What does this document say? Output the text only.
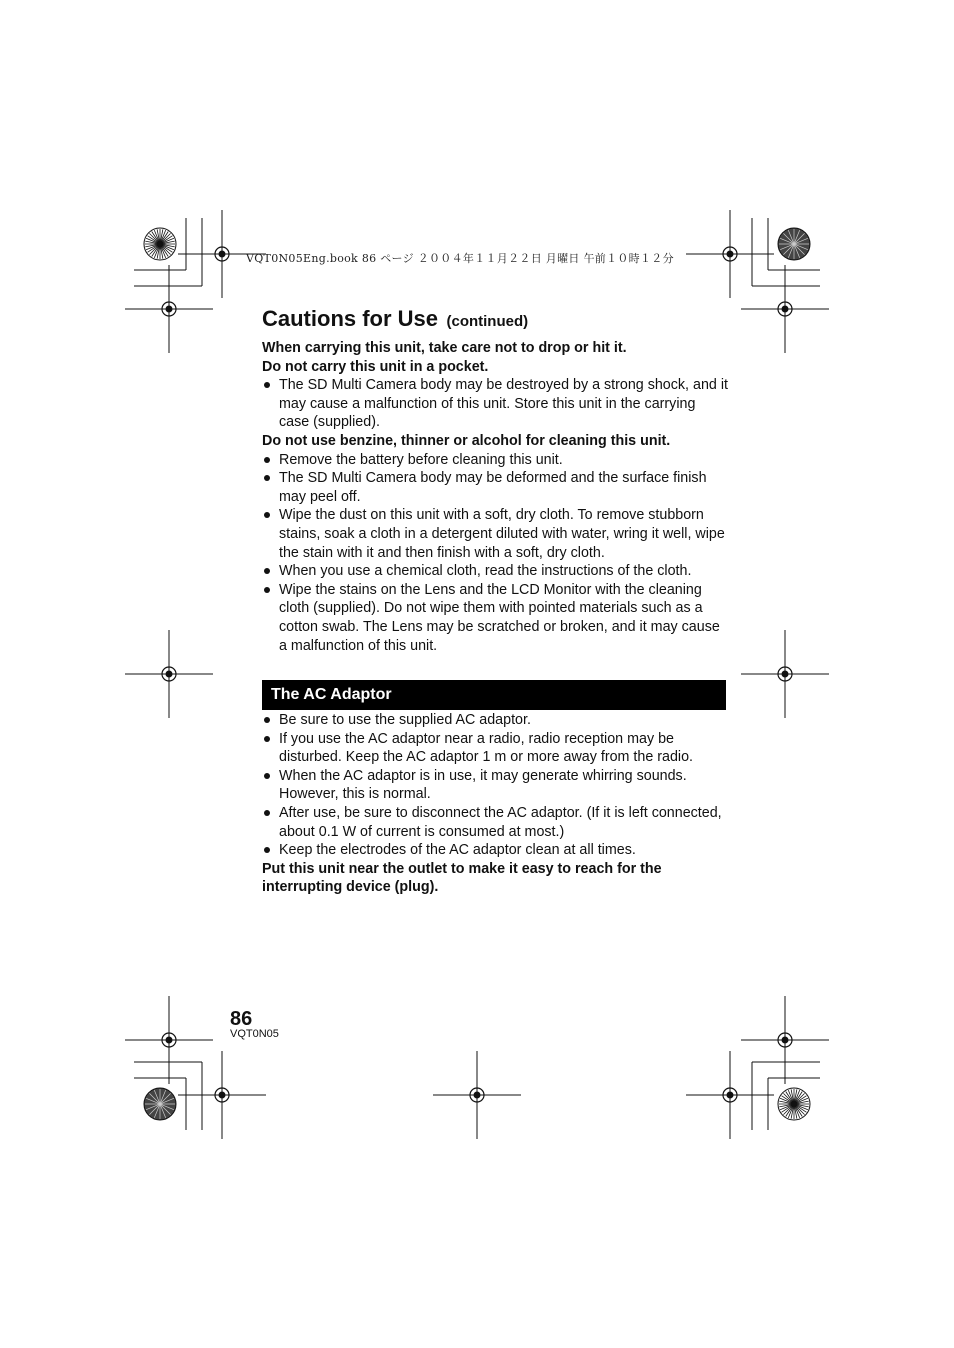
VQT0N05Eng.book 86 ページ ２００４年１１月２２日 月曜日 午前１０時１２分
Cautions for Use (continued)

When carrying this unit, take care not to drop or hit it.

Do not carry this unit in a pocket.

The SD Multi Camera body may be destroyed by a strong shock, and it may cause a malfunction of this unit. Store this unit in the carrying case (supplied).

Do not use benzine, thinner or alcohol for cleaning this unit.

Remove the battery before cleaning this unit.
The SD Multi Camera body may be deformed and the surface finish may peel off.
Wipe the dust on this unit with a soft, dry cloth. To remove stubborn stains, soak a cloth in a detergent diluted with water, wring it well, wipe the stain with it and then finish with a soft, dry cloth.
When you use a chemical cloth, read the instructions of the cloth.
Wipe the stains on the Lens and the LCD Monitor with the cleaning cloth (supplied). Do not wipe them with pointed materials such as a cotton swab. The Lens may be scratched or broken, and it may cause a malfunction of this unit.
The AC Adaptor
Be sure to use the supplied AC adaptor.
If you use the AC adaptor near a radio, radio reception may be disturbed. Keep the AC adaptor 1 m or more away from the radio.
When the AC adaptor is in use, it may generate whirring sounds. However, this is normal.
After use, be sure to disconnect the AC adaptor. (If it is left connected, about 0.1 W of current is consumed at most.)
Keep the electrodes of the AC adaptor clean at all times.

Put this unit near the outlet to make it easy to reach for the

interrupting device (plug).

86
VQT0N05
